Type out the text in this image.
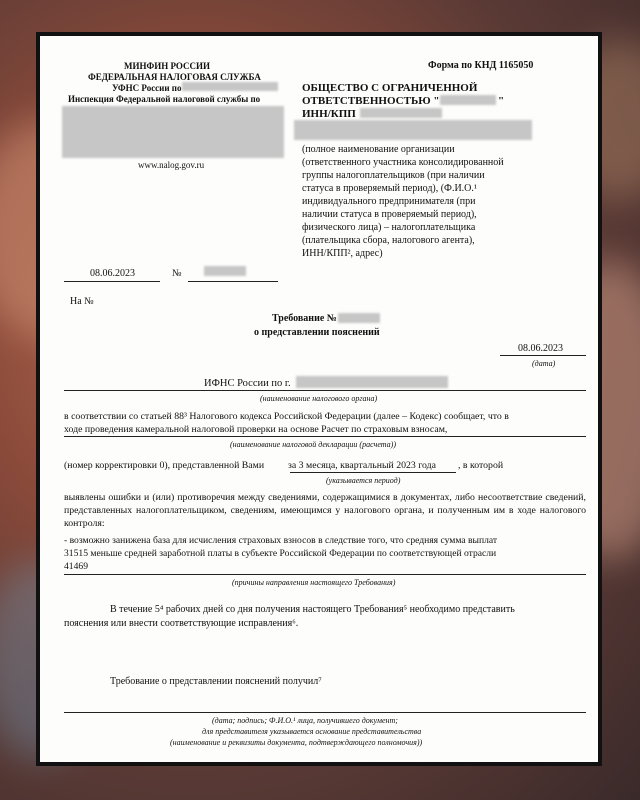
МИНФИН РОССИИ
ФЕДЕРАЛЬНАЯ НАЛОГОВАЯ СЛУЖБА
УФНС России по
Инспекция Федеральной налоговой службы по
www.nalog.gov.ru
Форма по КНД 1165050
ОБЩЕСТВО С ОГРАНИЧЕННОЙ
ОТВЕТСТВЕННОСТЬЮ "	"
ИНН/КПП
(полное наименование организации
(ответственного участника консолидированной
группы налогоплательщиков (при наличии
статуса в проверяемый период), (Ф.И.О.¹
индивидуального предпринимателя (при
наличии статуса в проверяемый период),
физического лица) – налогоплательщика
(плательщика сбора, налогового агента),
ИНН/КПП², адрес)
08.06.2023	№
На №
Требование №
о представлении пояснений
08.06.2023
(дата)
ИФНС России по г.
(наименование налогового органа)
в соответствии со статьей 88³ Налогового кодекса Российской Федерации (далее – Кодекс) сообщает, что в
ходе проведения камеральной налоговой проверки на основе Расчет по страховым взносам,
(наименование налоговой декларации (расчета))
(номер корректировки 0), представленной Вами за 3 месяца, квартальный 2023 года , в которой
(указывается период)
выявлены ошибки и (или) противоречия между сведениями, содержащимися в документах, либо несоответствие сведений, представленных налогоплательщиком, сведениям, имеющимся у налогового органа, и полученным им в ходе налогового контроля:
- возможно занижена база для исчисления страховых взносов в следствие того, что средняя сумма выплат
31515 меньше средней заработной платы в субъекте Российской Федерации по соответствующей отрасли
41469
(причины направления настоящего Требования)
В течение 5⁴ рабочих дней со дня получения настоящего Требования⁵ необходимо представить
пояснения или внести соответствующие исправления⁶.
Требование о представлении пояснений получил⁷
(дата; подпись; Ф.И.О.¹ лица, получившего документ;
для представителя указывается основание представительства
(наименование и реквизиты документа, подтверждающего полномочия))
